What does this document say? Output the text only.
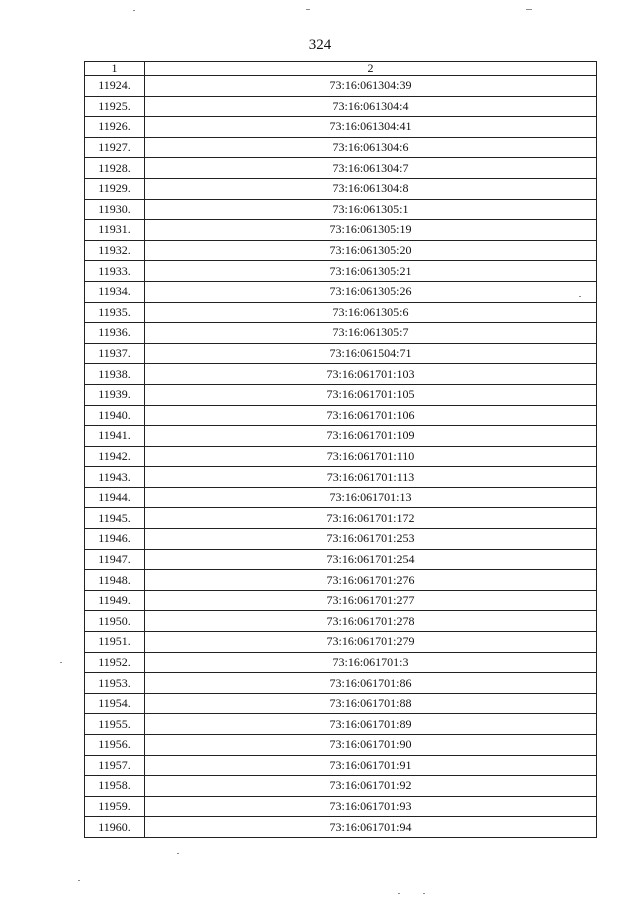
324
1	2
11924.	73:16:061304:39
11925.	73:16:061304:4
11926.	73:16:061304:41
11927.	73:16:061304:6
11928.	73:16:061304:7
11929.	73:16:061304:8
11930.	73:16:061305:1
11931.	73:16:061305:19
11932.	73:16:061305:20
11933.	73:16:061305:21
11934.	73:16:061305:26
11935.	73:16:061305:6
11936.	73:16:061305:7
11937.	73:16:061504:71
11938.	73:16:061701:103
11939.	73:16:061701:105
11940.	73:16:061701:106
11941.	73:16:061701:109
11942.	73:16:061701:110
11943.	73:16:061701:113
11944.	73:16:061701:13
11945.	73:16:061701:172
11946.	73:16:061701:253
11947.	73:16:061701:254
11948.	73:16:061701:276
11949.	73:16:061701:277
11950.	73:16:061701:278
11951.	73:16:061701:279
11952.	73:16:061701:3
11953.	73:16:061701:86
11954.	73:16:061701:88
11955.	73:16:061701:89
11956.	73:16:061701:90
11957.	73:16:061701:91
11958.	73:16:061701:92
11959.	73:16:061701:93
11960.	73:16:061701:94
